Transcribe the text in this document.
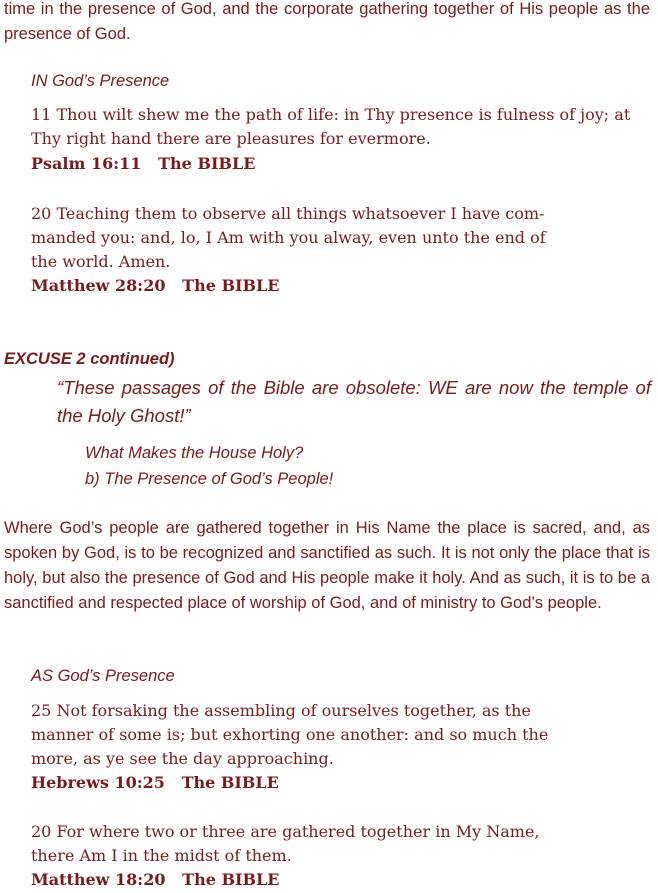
time in the presence of God, and the corporate gathering together of His people as the presence of God.

IN God’s Presence

11 Thou wilt shew me the path of life: in Thy presence is fulness of joy; at Thy right hand there are pleasures for evermore.

Psalm 16:11   The BIBLE

20 Teaching them to observe all things whatsoever I have com-

manded you: and, lo, I Am with you alway, even unto the end of

the world. Amen.

Matthew 28:20   The BIBLE

EXCUSE 2 continued)

“These passages of the Bible are obsolete: WE are now the temple of the Holy Ghost!”

What Makes the House Holy?

b) The Presence of God’s People!

Where God’s people are gathered together in His Name the place is sacred, and, as spoken by God, is to be recognized and sanctified as such. It is not only the place that is holy, but also the presence of God and His people make it holy. And as such, it is to be a sanctified and respected place of worship of God, and of ministry to God’s people.

AS God’s Presence

25 Not forsaking the assembling of ourselves together, as the

manner of some is; but exhorting one another: and so much the

more, as ye see the day approaching.

Hebrews 10:25   The BIBLE

20 For where two or three are gathered together in My Name,

there Am I in the midst of them.

Matthew 18:20   The BIBLE
